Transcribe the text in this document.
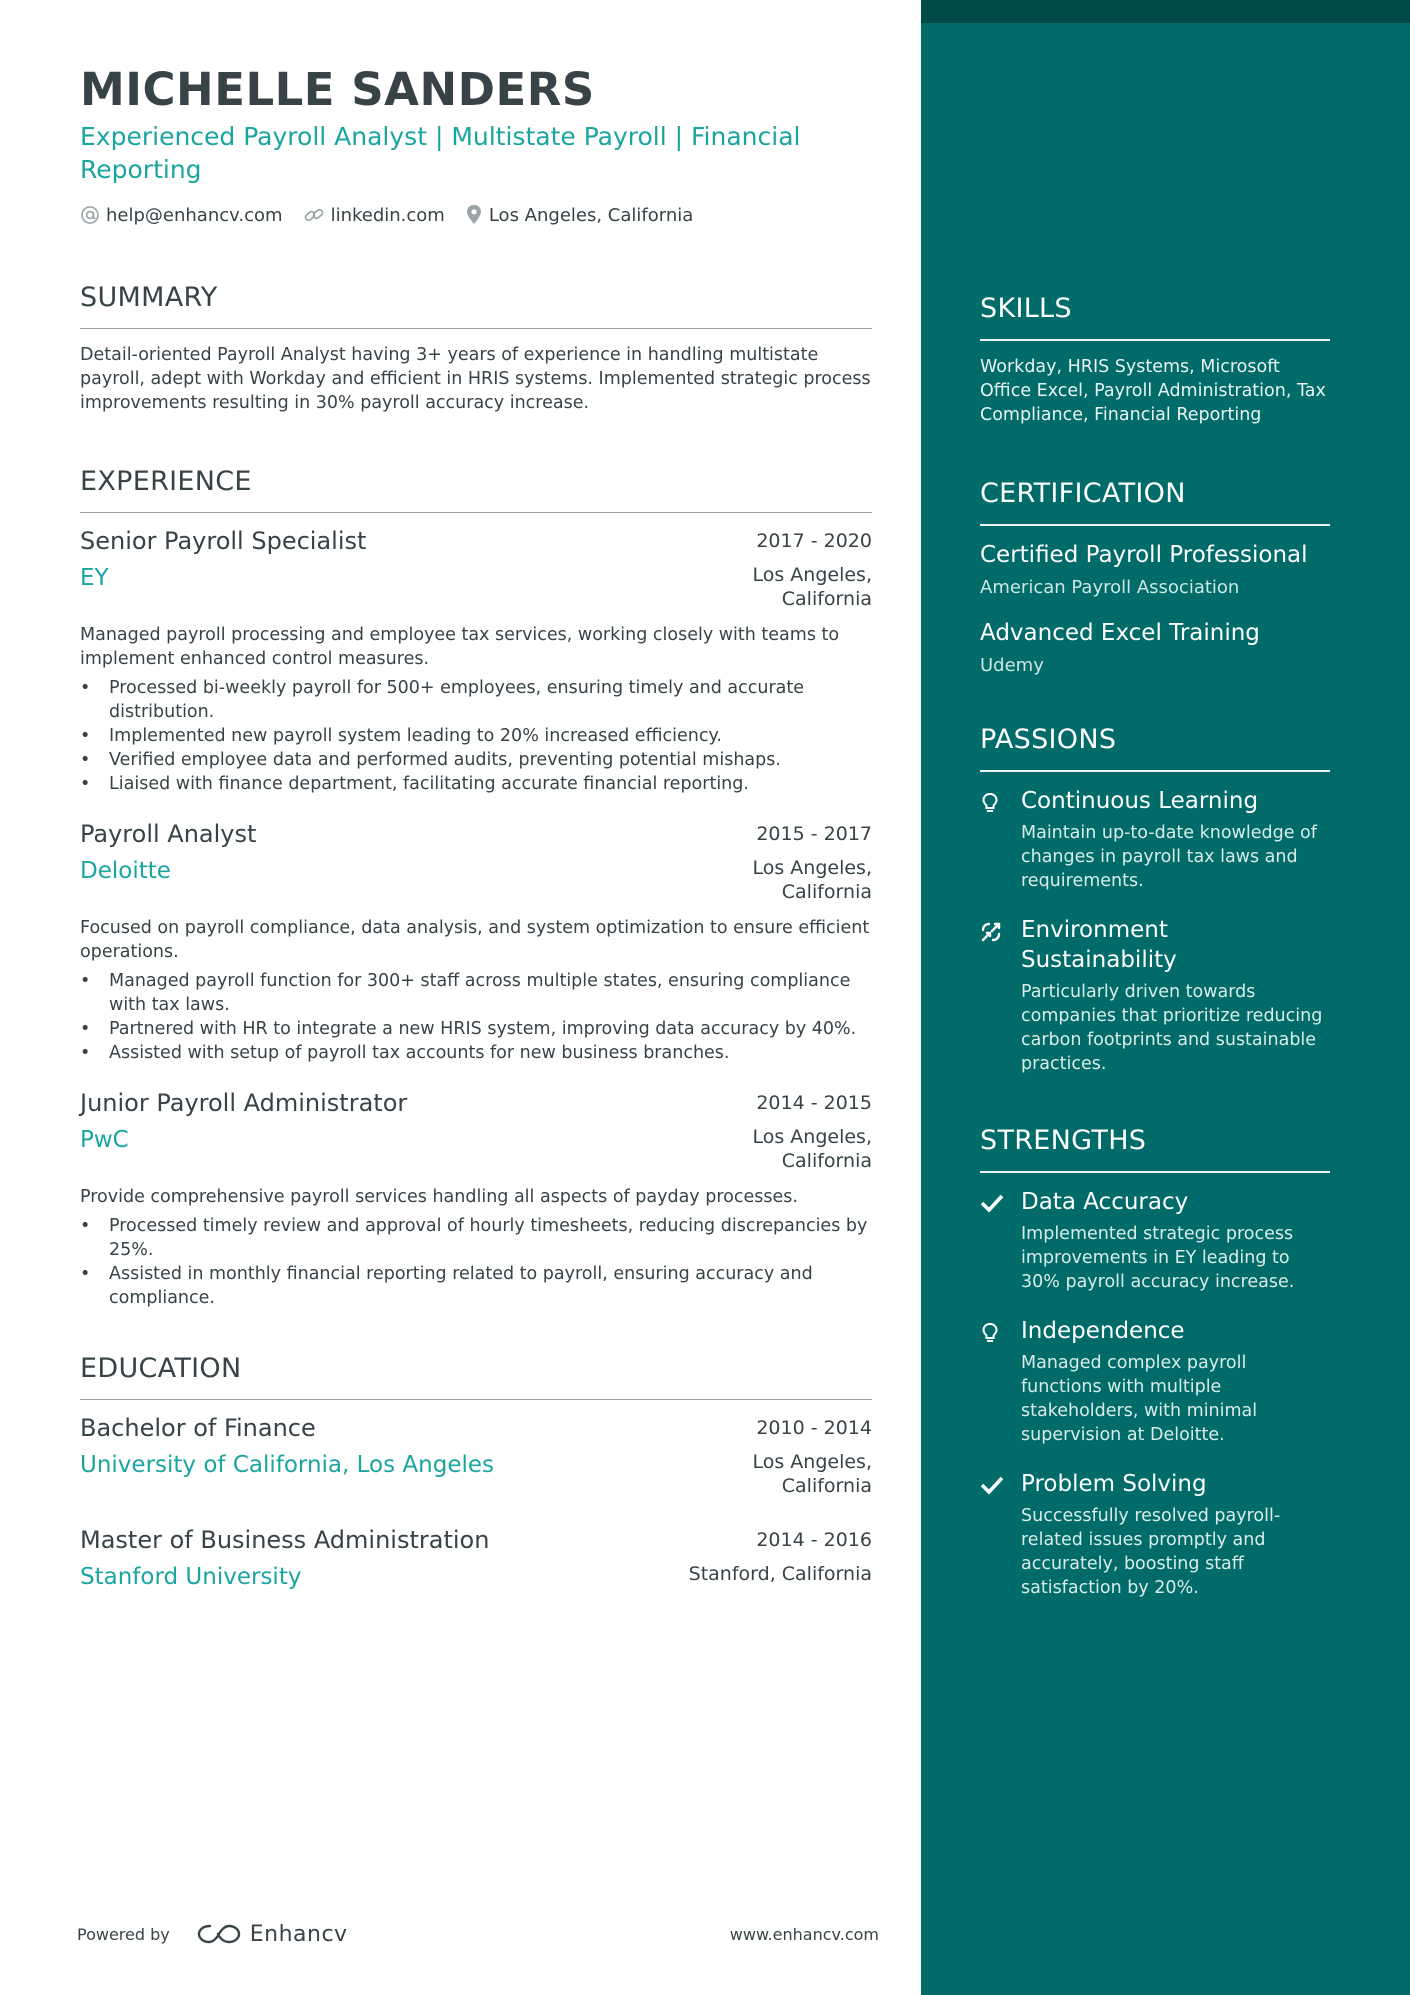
MICHELLE SANDERS
Experienced Payroll Analyst | Multistate Payroll | Financial Reporting
help@enhancv.com	linkedin.com Los Angeles, California
SUMMARY
Detail-oriented Payroll Analyst having 3+ years of experience in handling multistate payroll, adept with Workday and efficient in HRIS systems. Implemented strategic process improvements resulting in 30% payroll accuracy increase.
EXPERIENCE
Senior Payroll Specialist	2017 - 2020
EY	Los Angeles, California
Managed payroll processing and employee tax services, working closely with teams to implement enhanced control measures.
• Processed bi-weekly payroll for 500+ employees, ensuring timely and accurate distribution.
• Implemented new payroll system leading to 20% increased efficiency.
• Verified employee data and performed audits, preventing potential mishaps.
• Liaised with finance department, facilitating accurate financial reporting.
Payroll Analyst	2015 - 2017
Deloitte	Los Angeles, California
Focused on payroll compliance, data analysis, and system optimization to ensure efficient operations.
• Managed payroll function for 300+ staff across multiple states, ensuring compliance with tax laws.
• Partnered with HR to integrate a new HRIS system, improving data accuracy by 40%.
• Assisted with setup of payroll tax accounts for new business branches.
Junior Payroll Administrator	2014 - 2015
PwC	Los Angeles, California
Provide comprehensive payroll services handling all aspects of payday processes.
• Processed timely review and approval of hourly timesheets, reducing discrepancies by 25%.
• Assisted in monthly financial reporting related to payroll, ensuring accuracy and compliance.
EDUCATION
Bachelor of Finance	2010 - 2014
University of California, Los Angeles	Los Angeles, California
Master of Business Administration	2014 - 2016
Stanford University	Stanford, California
Powered by	Enhancv	www.enhancv.com
SKILLS
Workday, HRIS Systems, Microsoft Office Excel, Payroll Administration, Tax Compliance, Financial Reporting
CERTIFICATION
Certified Payroll Professional
American Payroll Association
Advanced Excel Training
Udemy
PASSIONS
Continuous Learning
Maintain up-to-date knowledge of changes in payroll tax laws and requirements.
Environment Sustainability
Particularly driven towards companies that prioritize reducing carbon footprints and sustainable practices.
STRENGTHS
Data Accuracy
Implemented strategic process improvements in EY leading to 30% payroll accuracy increase.
Independence
Managed complex payroll functions with multiple stakeholders, with minimal supervision at Deloitte.
Problem Solving
Successfully resolved payroll-related issues promptly and accurately, boosting staff satisfaction by 20%.
